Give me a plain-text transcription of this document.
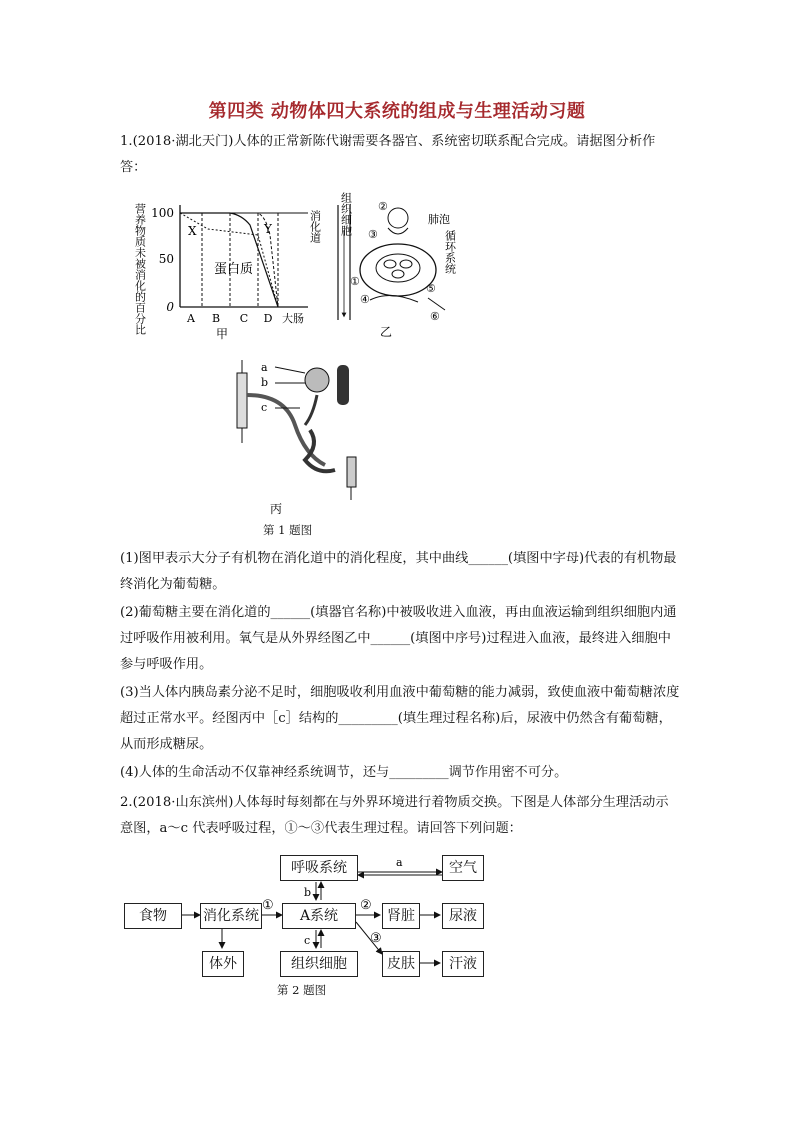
第四类 动物体四大系统的组成与生理活动习题
1.(2018·湖北天门)人体的正常新陈代谢需要各器官、系统密切联系配合完成。请据图分析作答：
营养物质未被消化的百分比 100
50
0
A B C D 大肠
X	Y
蛋白质
甲
消化道 组织细胞	肺泡
循环系统
①
②
③
④
⑤
⑥
乙
a
b
c
丙
第 1 题图
(1)图甲表示大分子有机物在消化道中的消化程度，其中曲线______(填图中字母)代表的有机物最终消化为葡萄糖。
(2)葡萄糖主要在消化道的______(填器官名称)中被吸收进入血液，再由血液运输到组织细胞内通过呼吸作用被利用。氧气是从外界经图乙中______(填图中序号)过程进入血液，最终进入细胞中参与呼吸作用。
(3)当人体内胰岛素分泌不足时，细胞吸收利用血液中葡萄糖的能力减弱，致使血液中葡萄糖浓度超过正常水平。经图丙中［c］结构的_________(填生理过程名称)后，尿液中仍然含有葡萄糖，从而形成糖尿。
(4)人体的生命活动不仅靠神经系统调节，还与_________调节作用密不可分。
2.(2018·山东滨州)人体每时每刻都在与外界环境进行着物质交换。下图是人体部分生理活动示意图，a～c 代表呼吸过程，①～③代表生理过程。请回答下列问题：
a
b
c
①	②
③
呼吸系统	空气
食物	消化系统	A系统	肾脏	尿液
体外	组织细胞	皮肤	汗液
第 2 题图
